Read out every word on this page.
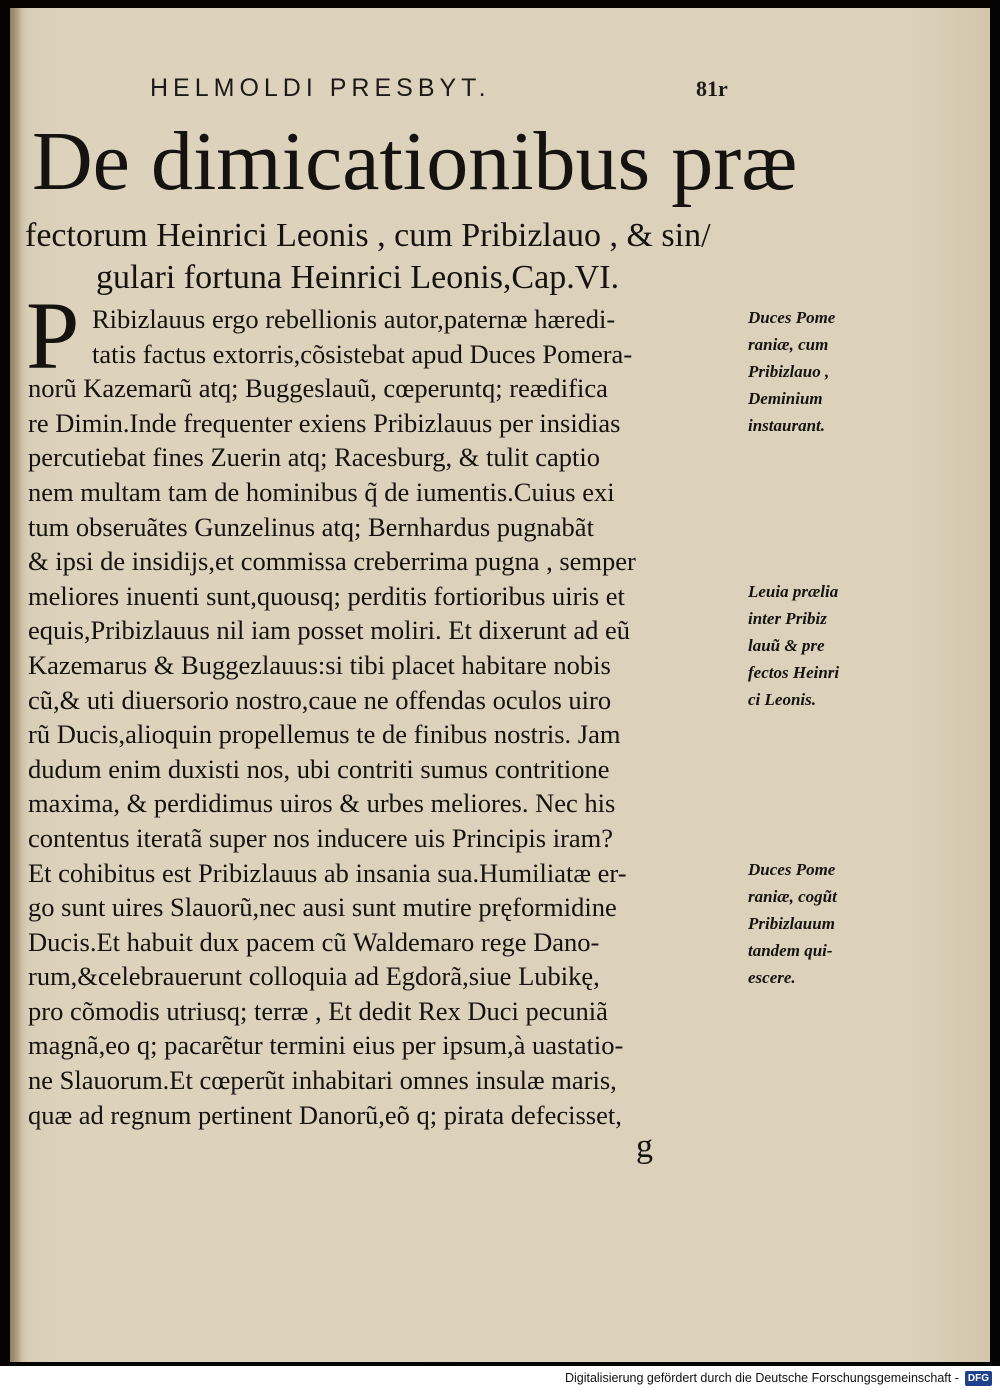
HELMOLDI PRESBYT.	81r
De dimicationibus præ
fectorum Heinrici Leonis , cum Pribizlauo , & sin/
gulari fortuna Heinrici Leonis,Cap.VI.
P Ribizlauus ergo rebellionis autor,paternæ hæredi-
tatis factus extorris,cõsistebat apud Duces Pomera-
norũ Kazemarũ atq; Buggeslauũ, cœperuntq; reædifica
re Dimin.Inde frequenter exiens Pribizlauus per insidias
percutiebat fines Zuerin atq; Racesburg, & tulit captio
nem multam tam de hominibus q̃ de iumentis.Cuius exi
tum obseruãtes Gunzelinus atq; Bernhardus pugnabãt
& ipsi de insidijs,et commissa creberrima pugna , semper
meliores inuenti sunt,quousq; perditis fortioribus uiris et
equis,Pribizlauus nil iam posset moliri. Et dixerunt ad eũ
Kazemarus & Buggezlauus:si tibi placet habitare nobis
cũ,& uti diuersorio nostro,caue ne offendas oculos uiro
rũ Ducis,alioquin propellemus te de finibus nostris. Jam
dudum enim duxisti nos, ubi contriti sumus contritione
maxima, & perdidimus uiros & urbes meliores. Nec his
contentus iteratã super nos inducere uis Principis iram?
Et cohibitus est Pribizlauus ab insania sua.Humiliatæ er-
go sunt uires Slauorũ,nec ausi sunt mutire pręformidine
Ducis.Et habuit dux pacem cũ Waldemaro rege Dano-
rum,&celebrauerunt colloquia ad Egdorã,siue Lubikę,
pro cõmodis utriusq; terræ , Et dedit Rex Duci pecuniã
magnã,eo q; pacarẽtur termini eius per ipsum,à uastatio-
ne Slauorum.Et cœperũt inhabitari omnes insulæ maris,
quæ ad regnum pertinent Danorũ,eõ q; pirata defecisset,
Duces Pome
raniæ, cum
Pribizlauo ,
Deminium
instaurant.
Leuia prælia
inter Pribiz
lauũ & pre
fectos Heinri
ci Leonis.
Duces Pome
raniæ, cogũt
Pribizlauum
tandem qui-
escere.
g
Digitalisierung gefördert durch die Deutsche Forschungsgemeinschaft - DFG
